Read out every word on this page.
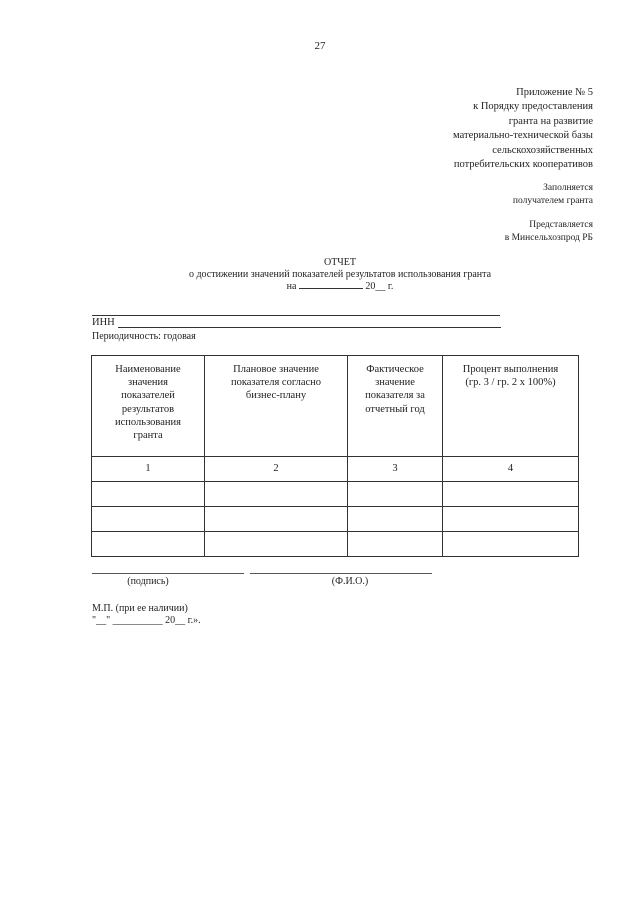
27
Приложение № 5
к Порядку предоставления
гранта на развитие
материально-технической базы
сельскохозяйственных
потребительских кооперативов
Заполняется
получателем гранта
Представляется
в Минсельхозпрод РБ
ОТЧЕТ
о достижении значений показателей результатов использования гранта
на	20__ г.
ИНН
Периодичность: годовая
Наименование значения показателей результатов использования гранта	Плановое значение показателя согласно бизнес-плану	Фактическое значение показателя за отчетный год	Процент выполнения (гр. 3 / гр. 2 x 100%)

1	2	3	4

(подпись)	(Ф.И.О.)
М.П. (при ее наличии)
"__" __________ 20__ г.».
